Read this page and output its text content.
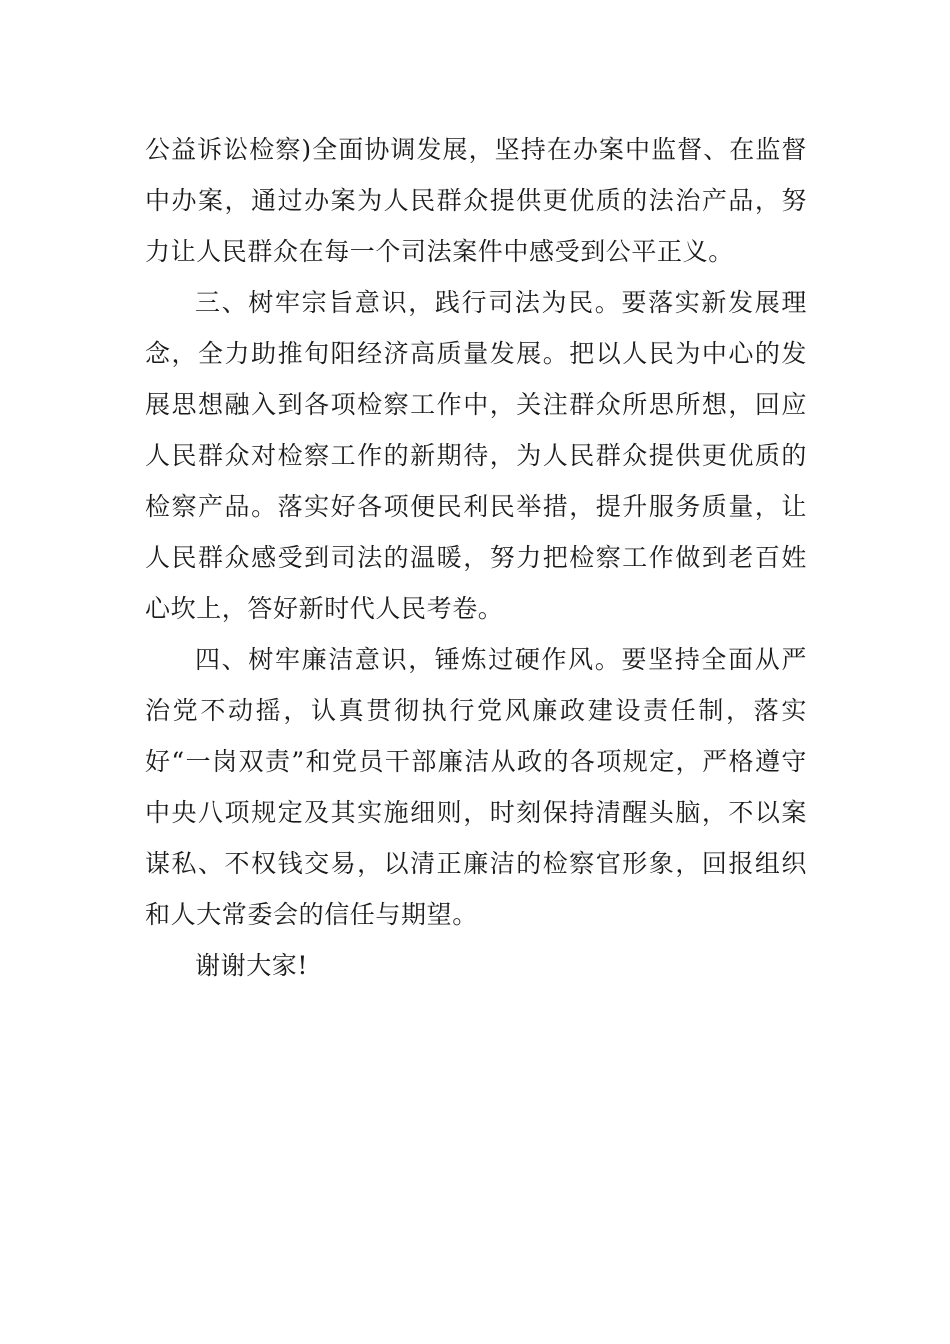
公益诉讼检察)全面协调发展，坚持在办案中监督、在监督中办案，通过办案为人民群众提供更优质的法治产品，努力让人民群众在每一个司法案件中感受到公平正义。

三、树牢宗旨意识，践行司法为民。要落实新发展理念，全力助推旬阳经济高质量发展。把以人民为中心的发展思想融入到各项检察工作中，关注群众所思所想，回应人民群众对检察工作的新期待，为人民群众提供更优质的检察产品。落实好各项便民利民举措，提升服务质量，让人民群众感受到司法的温暖，努力把检察工作做到老百姓心坎上，答好新时代人民考卷。

四、树牢廉洁意识，锤炼过硬作风。要坚持全面从严治党不动摇，认真贯彻执行党风廉政建设责任制，落实好“一岗双责”和党员干部廉洁从政的各项规定，严格遵守中央八项规定及其实施细则，时刻保持清醒头脑，不以案谋私、不权钱交易，以清正廉洁的检察官形象，回报组织和人大常委会的信任与期望。

谢谢大家!
